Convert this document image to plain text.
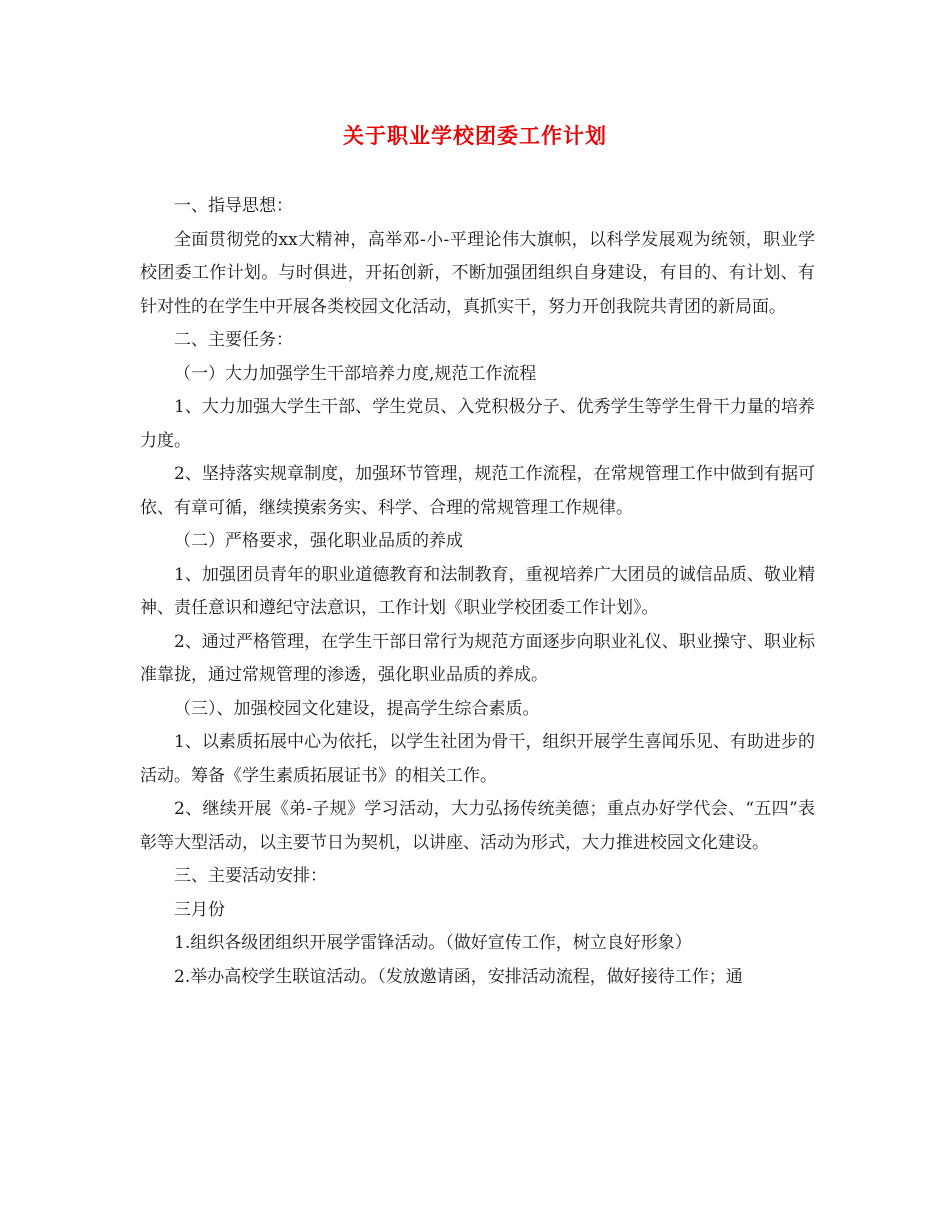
关于职业学校团委工作计划

一、指导思想：

全面贯彻党的xx大精神，高举邓-小-平理论伟大旗帜，以科学发展观为统领，职业学校团委工作计划。与时俱进，开拓创新，不断加强团组织自身建设，有目的、有计划、有针对性的在学生中开展各类校园文化活动，真抓实干，努力开创我院共青团的新局面。

二、主要任务：

（一）大力加强学生干部培养力度,规范工作流程

1、大力加强大学生干部、学生党员、入党积极分子、优秀学生等学生骨干力量的培养力度。

2、坚持落实规章制度，加强环节管理，规范工作流程，在常规管理工作中做到有据可依、有章可循，继续摸索务实、科学、合理的常规管理工作规律。

（二）严格要求，强化职业品质的养成

1、加强团员青年的职业道德教育和法制教育，重视培养广大团员的诚信品质、敬业精神、责任意识和遵纪守法意识，工作计划《职业学校团委工作计划》。

2、通过严格管理，在学生干部日常行为规范方面逐步向职业礼仪、职业操守、职业标准靠拢，通过常规管理的渗透，强化职业品质的养成。

（三）、加强校园文化建设，提高学生综合素质。

1、以素质拓展中心为依托，以学生社团为骨干，组织开展学生喜闻乐见、有助进步的活动。筹备《学生素质拓展证书》的相关工作。

2、继续开展《弟-子规》学习活动，大力弘扬传统美德；重点办好学代会、“五四”表彰等大型活动，以主要节日为契机，以讲座、活动为形式，大力推进校园文化建设。

三、主要活动安排：

三月份

1.组织各级团组织开展学雷锋活动。（做好宣传工作，树立良好形象）

2.举办高校学生联谊活动。（发放邀请函，安排活动流程，做好接待工作；通
